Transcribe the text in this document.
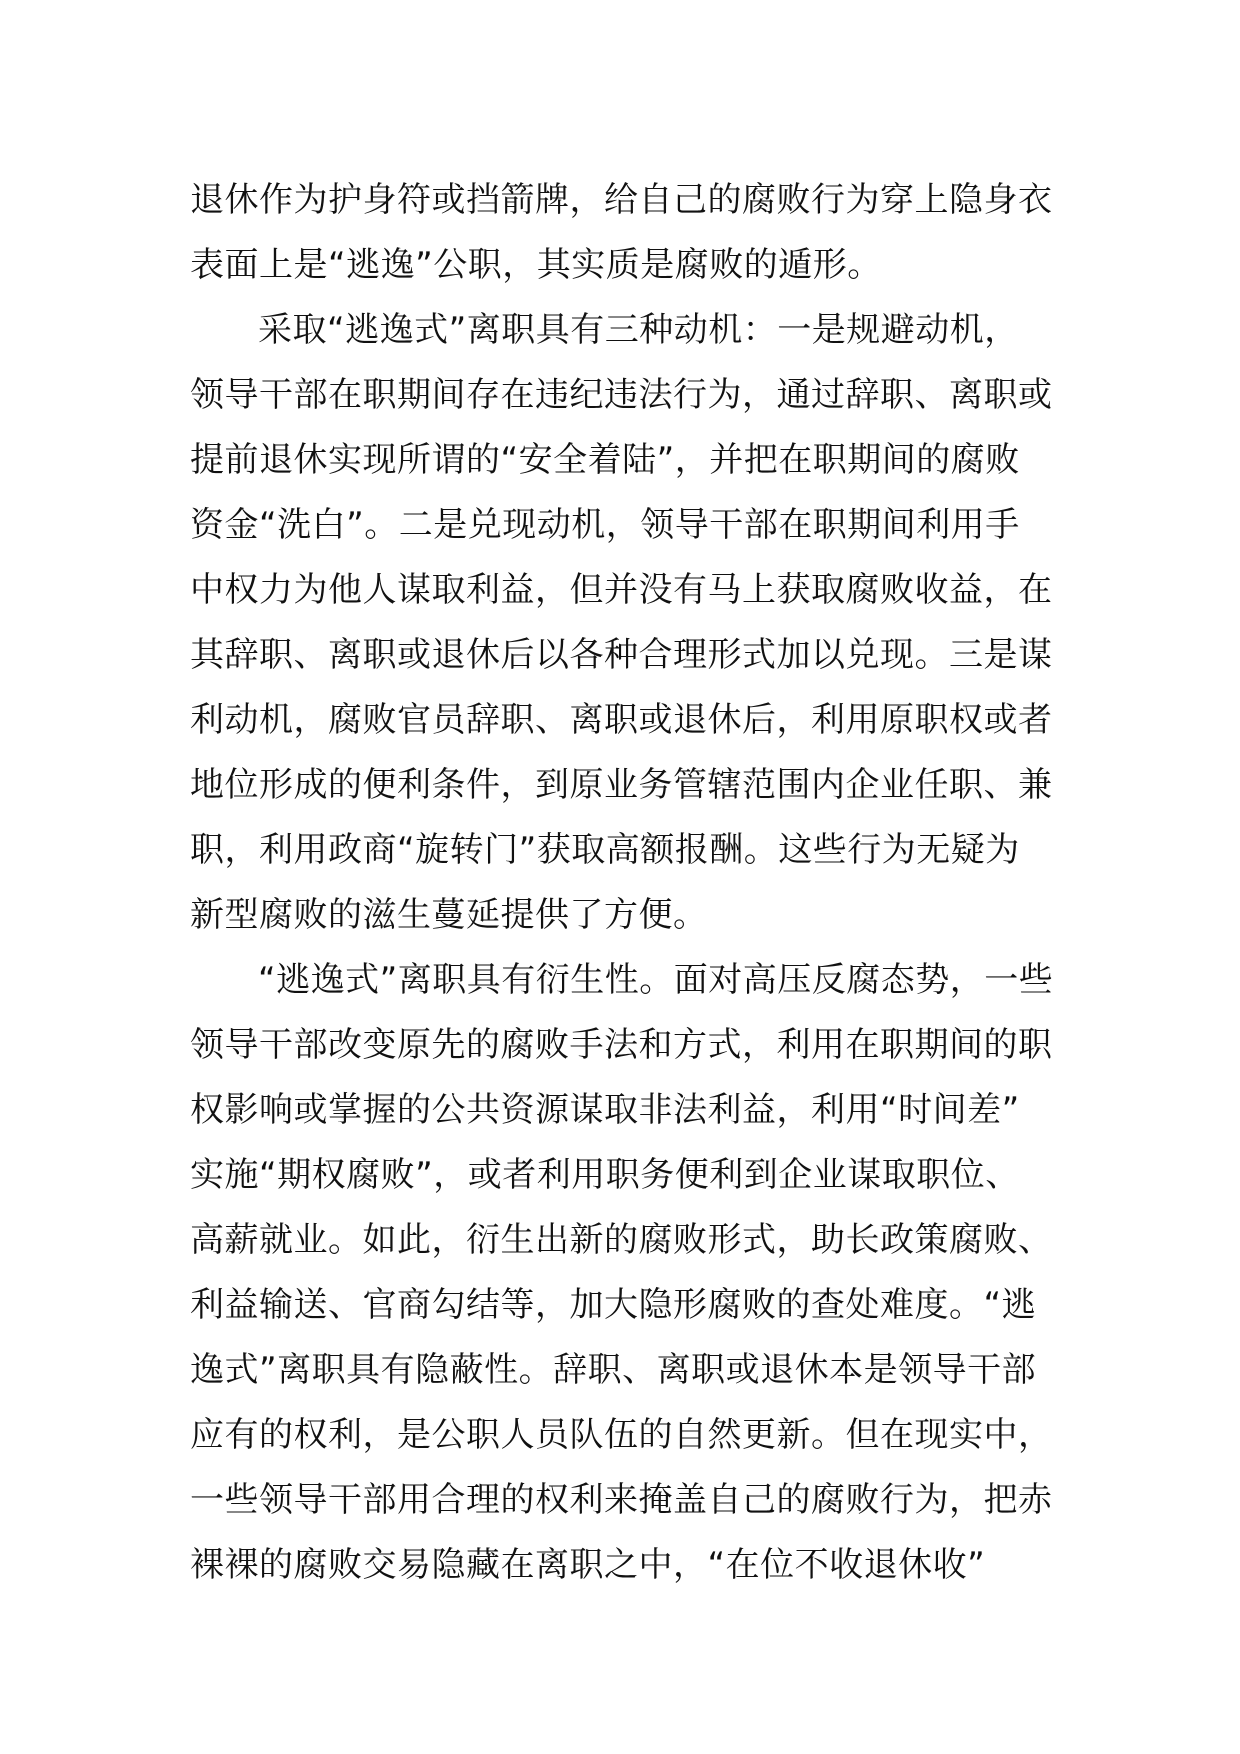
退休作为护身符或挡箭牌，给自己的腐败行为穿上隐身衣
表面上是“逃逸”公职，其实质是腐败的遁形。
采取“逃逸式”离职具有三种动机：一是规避动机，
领导干部在职期间存在违纪违法行为，通过辞职、离职或
提前退休实现所谓的“安全着陆”，并把在职期间的腐败
资金“洗白”。二是兑现动机，领导干部在职期间利用手
中权力为他人谋取利益，但并没有马上获取腐败收益，在
其辞职、离职或退休后以各种合理形式加以兑现。三是谋
利动机，腐败官员辞职、离职或退休后，利用原职权或者
地位形成的便利条件，到原业务管辖范围内企业任职、兼
职，利用政商“旋转门”获取高额报酬。这些行为无疑为
新型腐败的滋生蔓延提供了方便。
“逃逸式”离职具有衍生性。面对高压反腐态势，一些
领导干部改变原先的腐败手法和方式，利用在职期间的职
权影响或掌握的公共资源谋取非法利益，利用“时间差”
实施“期权腐败”，或者利用职务便利到企业谋取职位、
高薪就业。如此，衍生出新的腐败形式，助长政策腐败、
利益输送、官商勾结等，加大隐形腐败的查处难度。“逃
逸式”离职具有隐蔽性。辞职、离职或退休本是领导干部
应有的权利，是公职人员队伍的自然更新。但在现实中，
一些领导干部用合理的权利来掩盖自己的腐败行为，把赤
裸裸的腐败交易隐藏在离职之中，“在位不收退休收”
